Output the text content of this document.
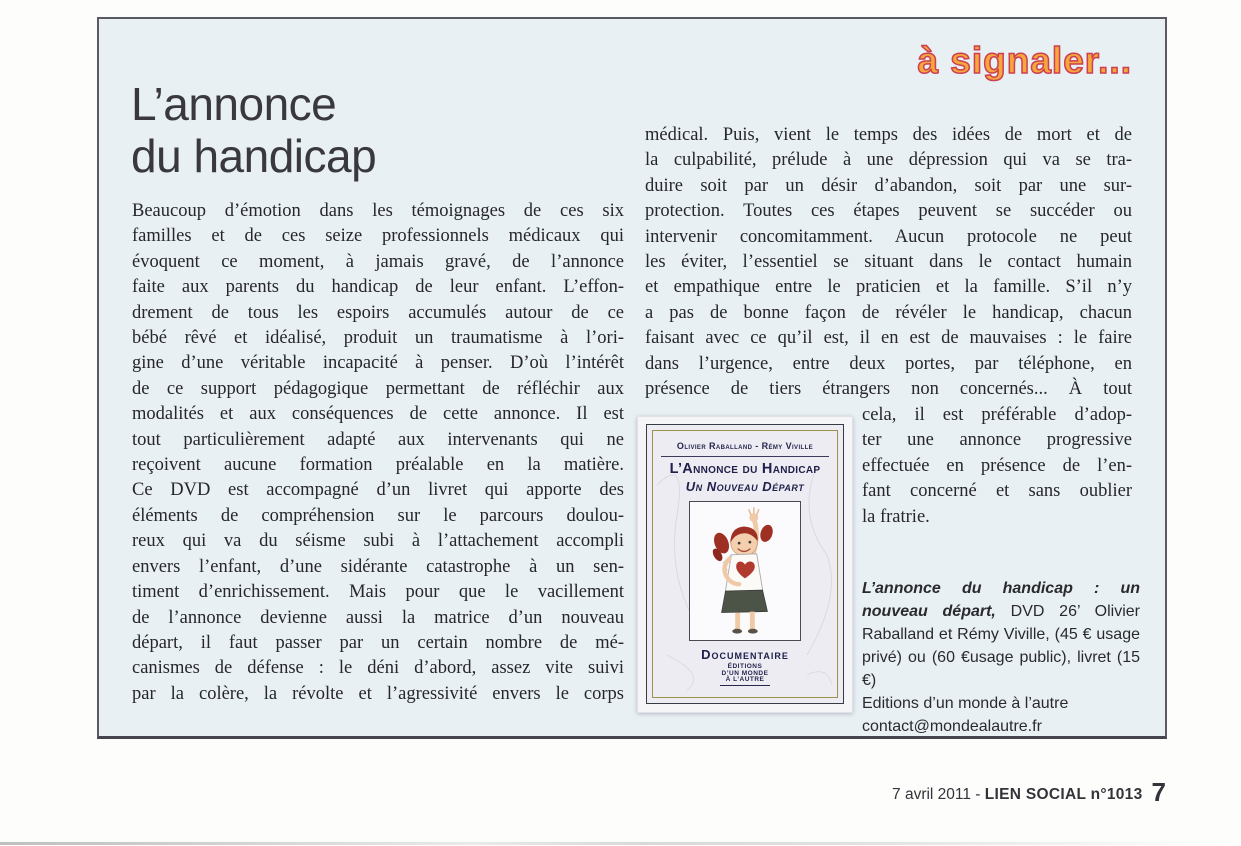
à signaler...
L’annonce
du handicap
Beaucoup d’émotion dans les témoignages de ces six
familles et de ces seize professionnels médicaux qui
évoquent ce moment, à jamais gravé, de l’annonce
faite aux parents du handicap de leur enfant. L’effon-
drement de tous les espoirs accumulés autour de ce
bébé rêvé et idéalisé, produit un traumatisme à l’ori-
gine d’une véritable incapacité à penser. D’où l’intérêt
de ce support pédagogique permettant de réfléchir aux
modalités et aux conséquences de cette annonce. Il est
tout particulièrement adapté aux intervenants qui ne
reçoivent aucune formation préalable en la matière.
Ce DVD est accompagné d’un livret qui apporte des
éléments de compréhension sur le parcours doulou-
reux qui va du séisme subi à l’attachement accompli
envers l’enfant, d’une sidérante catastrophe à un sen-
timent d’enrichissement. Mais pour que le vacillement
de l’annonce devienne aussi la matrice d’un nouveau
départ, il faut passer par un certain nombre de mé-
canismes de défense : le déni d’abord, assez vite suivi
par la colère, la révolte et l’agressivité envers le corps
médical. Puis, vient le temps des idées de mort et de
la culpabilité, prélude à une dépression qui va se tra-
duire soit par un désir d’abandon, soit par une sur-
protection. Toutes ces étapes peuvent se succéder ou
intervenir concomitamment. Aucun protocole ne peut
les éviter, l’essentiel se situant dans le contact humain
et empathique entre le praticien et la famille. S’il n’y
a pas de bonne façon de révéler le handicap, chacun
faisant avec ce qu’il est, il en est de mauvaises : le faire
dans l’urgence, entre deux portes, par téléphone, en
présence de tiers étrangers non concernés... À tout
cela, il est préférable d’adop-
ter une annonce progressive
effectuée en présence de l’en-
fant concerné et sans oublier
la fratrie.
Olivier Raballand - Rémy Viville
L’Annonce du Handicap
Un Nouveau Départ
Documentaire
ÉDITIONS
D’UN MONDE
À L’AUTRE
L’annonce du handicap : un nouveau départ, DVD 26’ Olivier Raballand et Rémy Viville, (45 € usage privé) ou (60 €usage public), livret (15 €)
Editions d’un monde à l’autre
contact@mondealautre.fr
7 avril 2011 - LIEN SOCIAL n°1013 7
